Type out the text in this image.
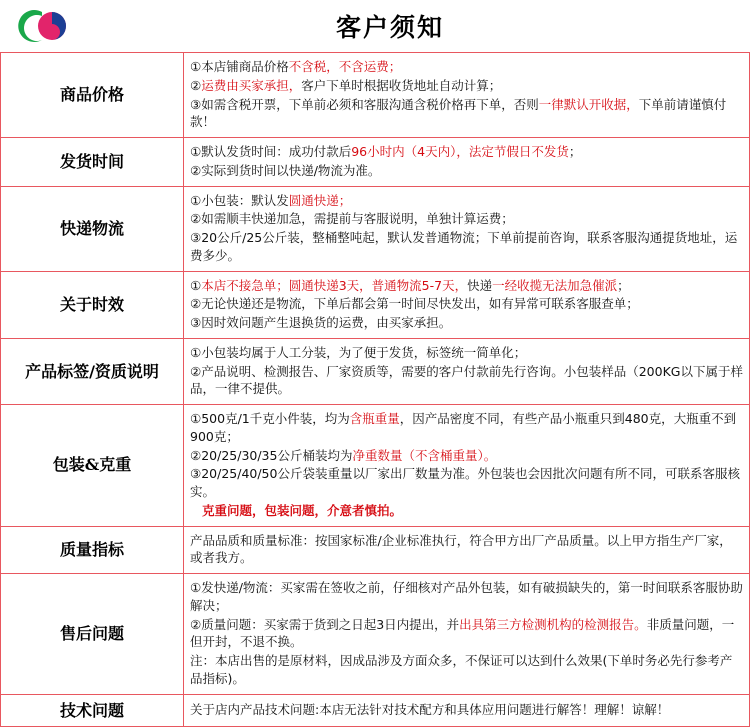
客户须知
商品价格	①本店铺商品价格不含税，不含运费；

②运费由买家承担，客户下单时根据收货地址自动计算；

③如需含税开票，下单前必须和客服沟通含税价格再下单，否则一律默认开收据，下单前请谨慎付款！

发货时间	①默认发货时间：成功付款后96小时内（4天内），法定节假日不发货；

②实际到货时间以快递/物流为准。

快递物流	①小包装：默认发圆通快递；

②如需顺丰快递加急，需提前与客服说明，单独计算运费；

③20公斤/25公斤装，整桶整吨起，默认发普通物流；下单前提前咨询，联系客服沟通提货地址，运费多少。

关于时效	①本店不接急单；圆通快递3天，普通物流5-7天，快递一经收揽无法加急催派；

②无论快递还是物流，下单后都会第一时间尽快发出，如有异常可联系客服查单；

③因时效问题产生退换货的运费，由买家承担。

产品标签/资质说明	①小包装均属于人工分装，为了便于发货，标签统一简单化；

②产品说明、检测报告、厂家资质等，需要的客户付款前先行咨询。小包装样品（200KG以下属于样品，一律不提供。

包装&克重	①500克/1千克小件装，均为含瓶重量，因产品密度不同，有些产品小瓶重只到480克，大瓶重不到900克；

②20/25/30/35公斤桶装均为净重数量（不含桶重量）。

③20/25/40/50公斤袋装重量以厂家出厂数量为准。外包装也会因批次问题有所不同，可联系客服核实。

克重问题，包装问题，介意者慎拍。

质量指标	产品品质和质量标准：按国家标准/企业标准执行，符合甲方出厂产品质量。以上甲方指生产厂家，或者我方。

售后问题	①发快递/物流：买家需在签收之前，仔细核对产品外包装，如有破损缺失的，第一时间联系客服协助解决；

②质量问题：买家需于货到之日起3日内提出，并出具第三方检测机构的检测报告。非质量问题，一但开封，不退不换。

注：本店出售的是原材料，因成品涉及方面众多，不保证可以达到什么效果(下单时务必先行参考产品指标)。

技术问题	关于店内产品技术问题:本店无法针对技术配方和具体应用问题进行解答！理解！谅解！
